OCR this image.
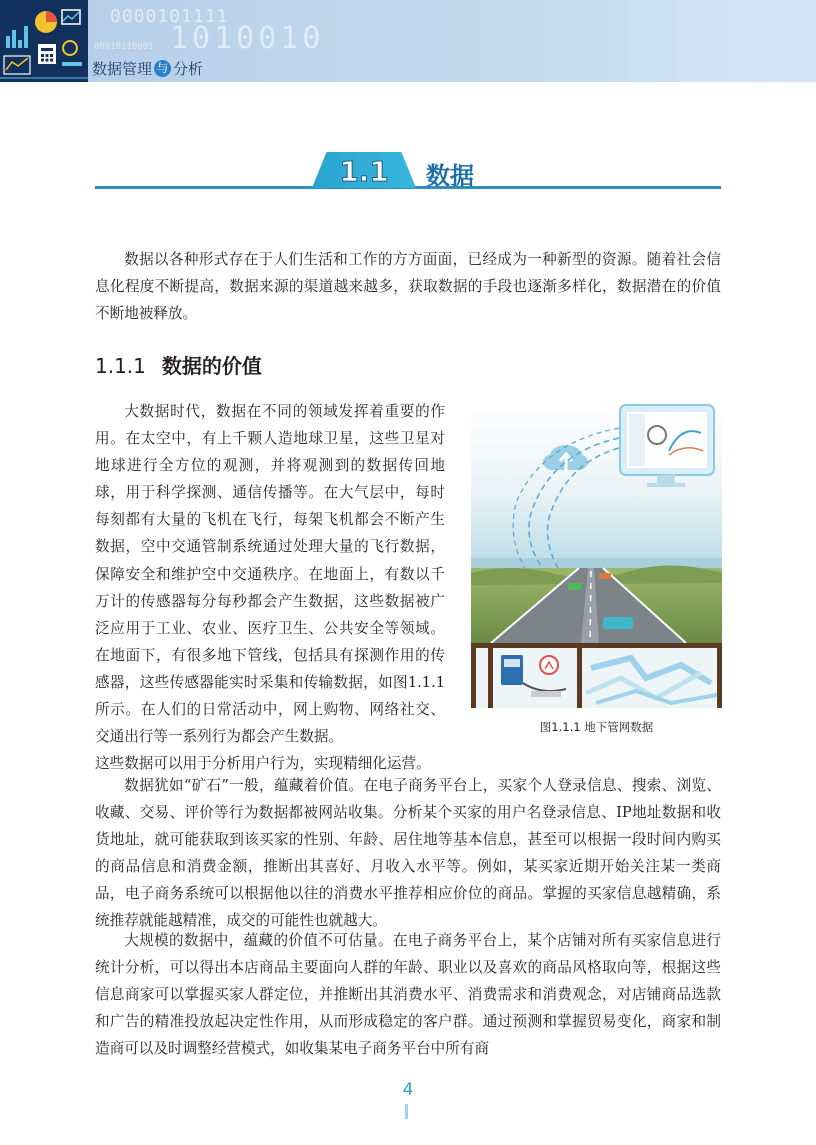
0000101111
1010010
00010110001
数据管理 与 分析
1.1	数据

数据以各种形式存在于人们生活和工作的方方面面，已经成为一种新型的资源。随着社会信息化程度不断提高，数据来源的渠道越来越多，获取数据的手段也逐渐多样化，数据潜在的价值不断地被释放。

1.1.1 数据的价值

大数据时代，数据在不同的领域发挥着重要的作用。在太空中，有上千颗人造地球卫星，这些卫星对地球进行全方位的观测，并将观测到的数据传回地球，用于科学探测、通信传播等。在大气层中，每时每刻都有大量的飞机在飞行，每架飞机都会不断产生数据，空中交通管制系统通过处理大量的飞行数据，保障安全和维护空中交通秩序。在地面上，有数以千万计的传感器每分每秒都会产生数据，这些数据被广泛应用于工业、农业、医疗卫生、公共安全等领域。在地面下，有很多地下管线，包括具有探测作用的传感器，这些传感器能实时采集和传输数据，如图1.1.1所示。在人们的日常活动中，网上购物、网络社交、交通出行等一系列行为都会产生数据。

这些数据可以用于分析用户行为，实现精细化运营。

图1.1.1 地下管网数据

数据犹如“矿石”一般，蕴藏着价值。在电子商务平台上，买家个人登录信息、搜索、浏览、收藏、交易、评价等行为数据都被网站收集。分析某个买家的用户名登录信息、IP地址数据和收货地址，就可能获取到该买家的性别、年龄、居住地等基本信息，甚至可以根据一段时间内购买的商品信息和消费金额，推断出其喜好、月收入水平等。例如，某买家近期开始关注某一类商品，电子商务系统可以根据他以往的消费水平推荐相应价位的商品。掌握的买家信息越精确，系统推荐就能越精准，成交的可能性也就越大。

大规模的数据中，蕴藏的价值不可估量。在电子商务平台上，某个店铺对所有买家信息进行统计分析，可以得出本店商品主要面向人群的年龄、职业以及喜欢的商品风格取向等，根据这些信息商家可以掌握买家人群定位，并推断出其消费水平、消费需求和消费观念，对店铺商品选款和广告的精准投放起决定性作用，从而形成稳定的客户群。通过预测和掌握贸易变化，商家和制造商可以及时调整经营模式，如收集某电子商务平台中所有商

4
